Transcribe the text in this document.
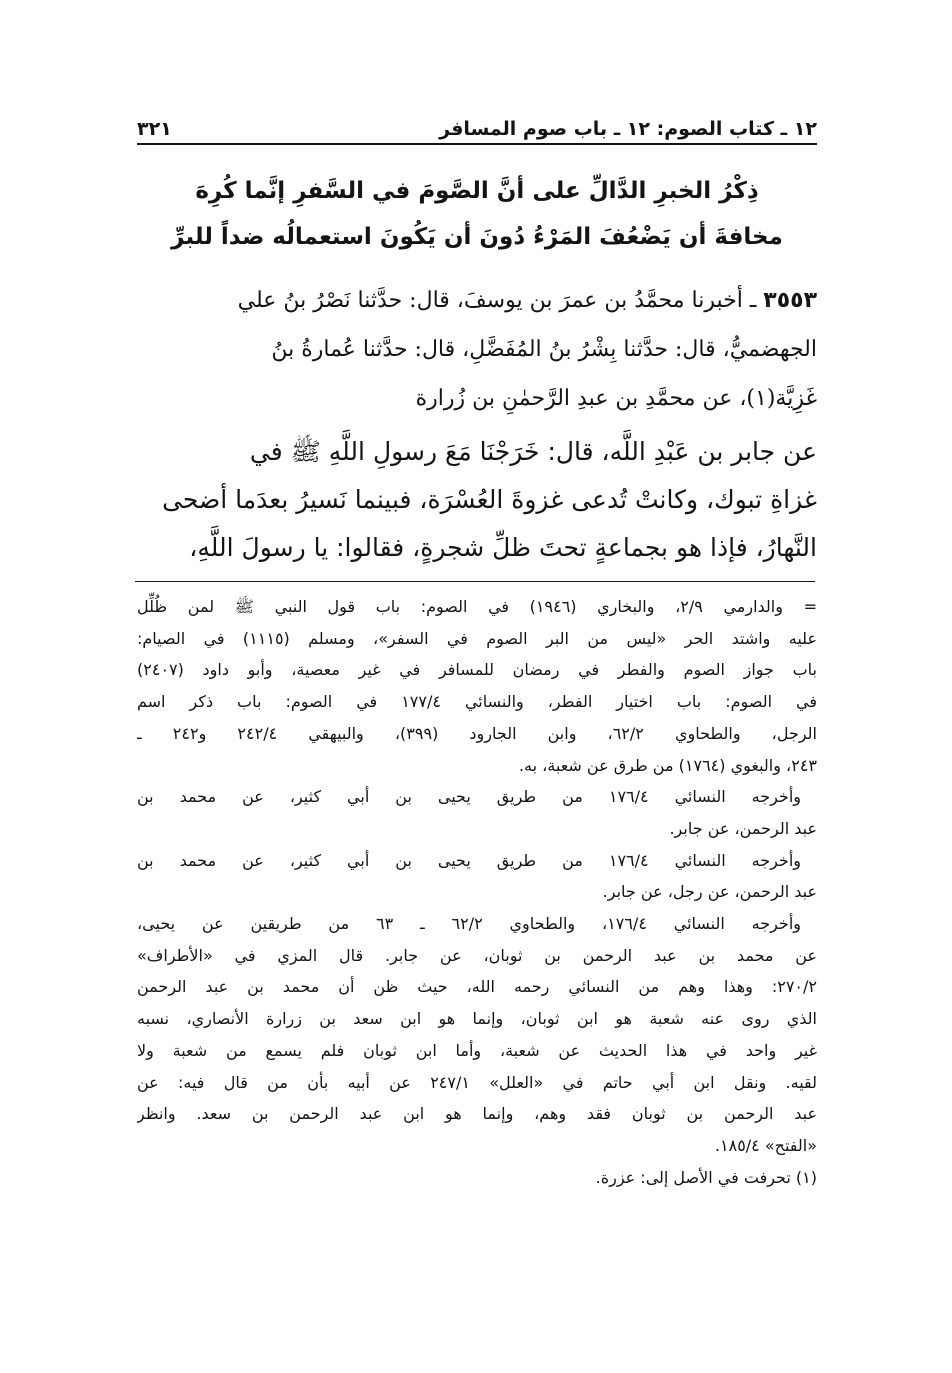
١٢ ـ كتاب الصوم: ١٢ ـ باب صوم المسافر
٣٢١
ذِكْرُ الخبرِ الدَّالِّ على أنَّ الصَّومَ في السَّفرِ إنَّما كُرِهَ
مخافةَ أن يَضْعُفَ المَرْءُ دُونَ أن يَكُونَ استعمالُه ضداً للبرِّ
٣٥٥٣ ـ أخبرنا محمَّدُ بن عمرَ بن يوسفَ، قال: حدَّثنا نَصْرُ بنُ علي
الجهضميُّ، قال: حدَّثنا بِشْرُ بنُ المُفَضَّلِ، قال: حدَّثنا عُمارةُ بنُ
غَزِيَّة(١)، عن محمَّدِ بن عبدِ الرَّحمٰنِ بن زُرارة
عن جابر بن عَبْدِ اللَّه، قال: خَرَجْنَا مَعَ رسولِ اللَّهِ ﷺ في
غزاةِ تبوك، وكانتْ تُدعى غزوةَ العُسْرَة، فبينما نَسيرُ بعدَما أضحى
النَّهارُ، فإذا هو بجماعةٍ تحتَ ظلِّ شجرةٍ، فقالوا: يا رسولَ اللَّهِ،
= والدارمي ٢/٩، والبخاري (١٩٤٦) في الصوم: باب قول النبي ﷺ لمن ظُلِّل
عليه واشتد الحر «ليس من البر الصوم في السفر»، ومسلم (١١١٥) في الصيام:
باب جواز الصوم والفطر في رمضان للمسافر في غير معصية، وأبو داود (٢٤٠٧)
في الصوم: باب اختيار الفطر، والنسائي ١٧٧/٤ في الصوم: باب ذكر اسم
الرجل، والطحاوي ٦٢/٢، وابن الجارود (٣٩٩)، والبيهقي ٢٤٢/٤ و٢٤٢ ـ
٢٤٣، والبغوي (١٧٦٤) من طرق عن شعبة، به.
وأخرجه النسائي ١٧٦/٤ من طريق يحيى بن أبي كثير، عن محمد بن
عبد الرحمن، عن جابر.
وأخرجه النسائي ١٧٦/٤ من طريق يحيى بن أبي كثير، عن محمد بن
عبد الرحمن، عن رجل، عن جابر.
وأخرجه النسائي ١٧٦/٤، والطحاوي ٦٢/٢ ـ ٦٣ من طريقين عن يحيى،
عن محمد بن عبد الرحمن بن ثوبان، عن جابر. قال المزي في «الأطراف»
٢٧٠/٢: وهذا وهم من النسائي رحمه الله، حيث ظن أن محمد بن عبد الرحمن
الذي روى عنه شعبة هو ابن ثوبان، وإنما هو ابن سعد بن زرارة الأنصاري، نسبه
غير واحد في هذا الحديث عن شعبة، وأما ابن ثوبان فلم يسمع من شعبة ولا
لقيه. ونقل ابن أبي حاتم في «العلل» ٢٤٧/١ عن أبيه بأن من قال فيه: عن
عبد الرحمن بن ثوبان فقد وهم، وإنما هو ابن عبد الرحمن بن سعد. وانظر
«الفتح» ١٨٥/٤.
(١) تحرفت في الأصل إلى: عزرة.
